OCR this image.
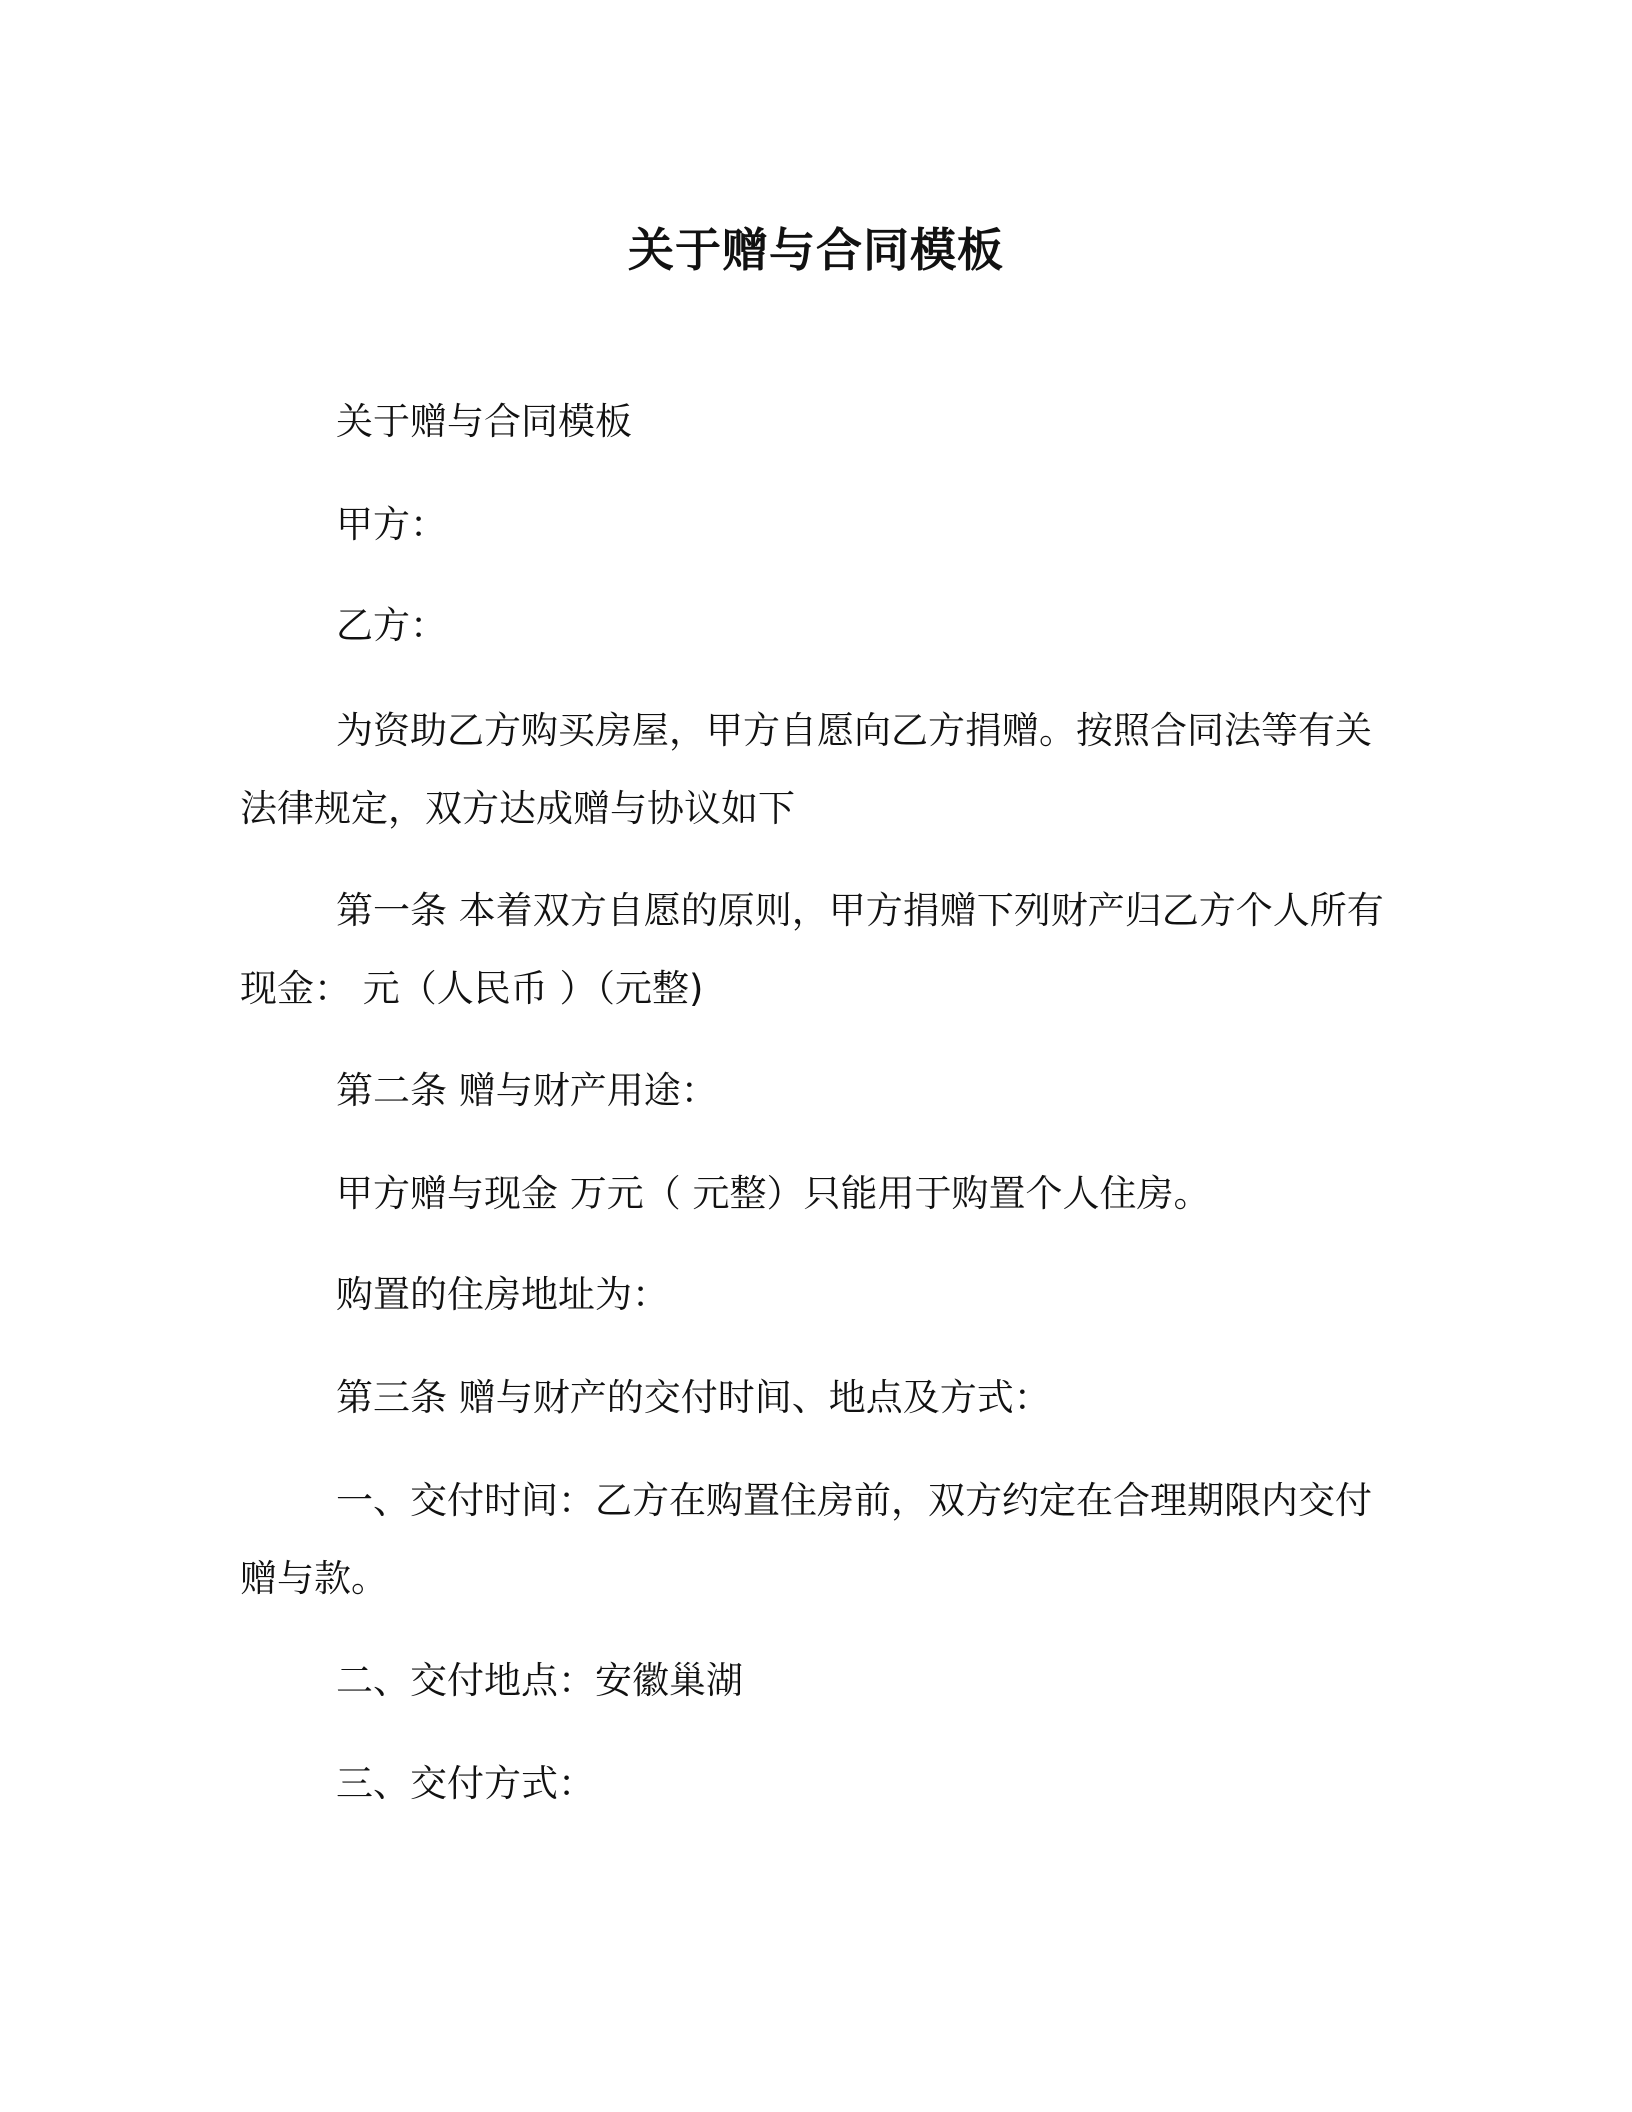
关于赠与合同模板

关于赠与合同模板

甲方：

乙方：

为资助乙方购买房屋，甲方自愿向乙方捐赠。按照合同法等有关法律规定，双方达成赠与协议如下

第一条 本着双方自愿的原则，甲方捐赠下列财产归乙方个人所有现金： 元（人民币 ）（元整)

第二条 赠与财产用途：

甲方赠与现金 万元（ 元整）只能用于购置个人住房。

购置的住房地址为：

第三条 赠与财产的交付时间、地点及方式：

一、交付时间：乙方在购置住房前，双方约定在合理期限内交付赠与款。

二、交付地点：安徽巢湖

三、交付方式：
